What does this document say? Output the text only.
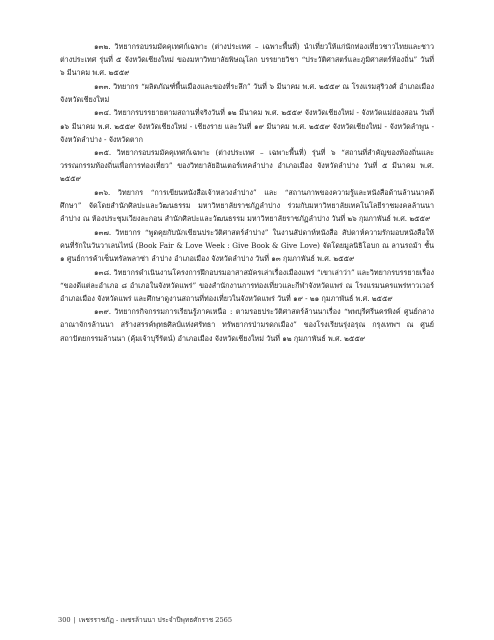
๑๓๒. วิทยากรอบรมมัคคุเทศก์เฉพาะ (ต่างประเทศ – เฉพาะพื้นที่) นำเที่ยวให้แก่นักท่องเที่ยวชาวไทยและชาวต่างประเทศ รุ่นที่ ๕ จังหวัดเชียงใหม่ ของมหาวิทยาลัยพิษณุโลก บรรยายวิชา “ประวัติศาสตร์และภูมิศาสตร์ท้องถิ่น” วันที่ ๖ มีนาคม พ.ศ. ๒๕๕๙

๑๓๓. วิทยากร “ผลิตภัณฑ์พื้นเมืองและของที่ระลึก” วันที่ ๖ มีนาคม พ.ศ. ๒๕๕๙ ณ โรงแรมสุริวงศ์ อำเภอเมือง จังหวัดเชียงใหม่

๑๓๔. วิทยากรบรรยายตามสถานที่จริงวันที่ ๑๒ มีนาคม พ.ศ. ๒๕๕๙ จังหวัดเชียงใหม่ - จังหวัดแม่ฮ่องสอน วันที่ ๑๖ มีนาคม พ.ศ. ๒๕๕๙ จังหวัดเชียงใหม่ - เชียงราย และวันที่ ๑๙ มีนาคม พ.ศ. ๒๕๕๙ จังหวัดเชียงใหม่ - จังหวัดลำพูน - จังหวัดลำปาง - จังหวัดตาก

๑๓๕. วิทยากรอบรมมัคคุเทศก์เฉพาะ (ต่างประเทศ – เฉพาะพื้นที่) รุ่นที่ ๖ “สถานที่สำคัญของท้องถิ่นและวรรณกรรมท้องถิ่นเพื่อการท่องเที่ยว” ของวิทยาลัยอินเตอร์เทคลำปาง อำเภอเมือง จังหวัดลำปาง วันที่ ๕ มีนาคม พ.ศ. ๒๕๕๙

๑๓๖. วิทยากร “การเขียนหนังสือเจ้าหลวงลำปาง” และ “สถานภาพของความรู้และหนังสือด้านล้านนาคดีศึกษา” จัดโดยสำนักศิลปะและวัฒนธรรม มหาวิทยาลัยราชภัฏลำปาง ร่วมกับมหาวิทยาลัยเทคโนโลยีราชมงคลล้านนา ลำปาง ณ ห้องประชุมเวียงละกอน สำนักศิลปะและวัฒนธรรม มหาวิทยาลัยราชภัฏลำปาง วันที่ ๒๖ กุมภาพันธ์ พ.ศ. ๒๕๕๙

๑๓๗. วิทยากร “พูดคุยกับนักเขียนประวัติศาสตร์ลำปาง” ในงานสัปดาห์หนังสือ สัปดาห์ความรักมอบหนังสือให้คนที่รักในวันวาเลนไทน์ (Book Fair & Love Week : Give Book & Give Love) จัดโดยมูลนิธิโอบก ณ ลานรถม้า ชั้น ๑ ศูนย์การค้าเซ็นทรัลพลาซ่า ลำปาง อำเภอเมือง จังหวัดลำปาง วันที่ ๑๓ กุมภาพันธ์ พ.ศ. ๒๕๕๙

๑๓๘. วิทยากรดำเนินงานโครงการฝึกอบรมอาสาสมัครเล่าเรื่องเมืองแพร่ “เขาเล่าว่า” และวิทยากรบรรยายเรื่อง “ของดีแต่ละอำเภอ ๘ อำเภอในจังหวัดแพร่” ของสำนักงานการท่องเที่ยวและกีฬาจังหวัดแพร่ ณ โรงแรมนครแพร่ทาวเวอร์ อำเภอเมือง จังหวัดแพร่ และศึกษาดูงานสถานที่ท่องเที่ยวในจังหวัดแพร่ วันที่ ๑๙ - ๒๑ กุมภาพันธ์ พ.ศ. ๒๕๕๙

๑๓๙. วิทยากรกิจกรรมการเรียนรู้ภาคเหนือ : ตามรอยประวัติศาสตร์ล้านนาเรื่อง “พพบุรีศรีนครพิงค์ ศูนย์กลางอาณาจักรล้านนา สร้างสรรค์พุทธศิลป์แห่งศรัทธา ทรัพยากรป่ามรดกเมือง” ของโรงเรียนรุ่งอรุณ กรุงเทพฯ ณ ศูนย์สถาปัตยกรรมล้านนา (คุ้มเจ้าบุรีรัตน์) อำเภอเมือง จังหวัดเชียงใหม่ วันที่ ๑๒ กุมภาพันธ์ พ.ศ. ๒๕๕๙

300 | เพชรราชภัฏ - เพชรล้านนา ประจำปีพุทธศักราช 2565
